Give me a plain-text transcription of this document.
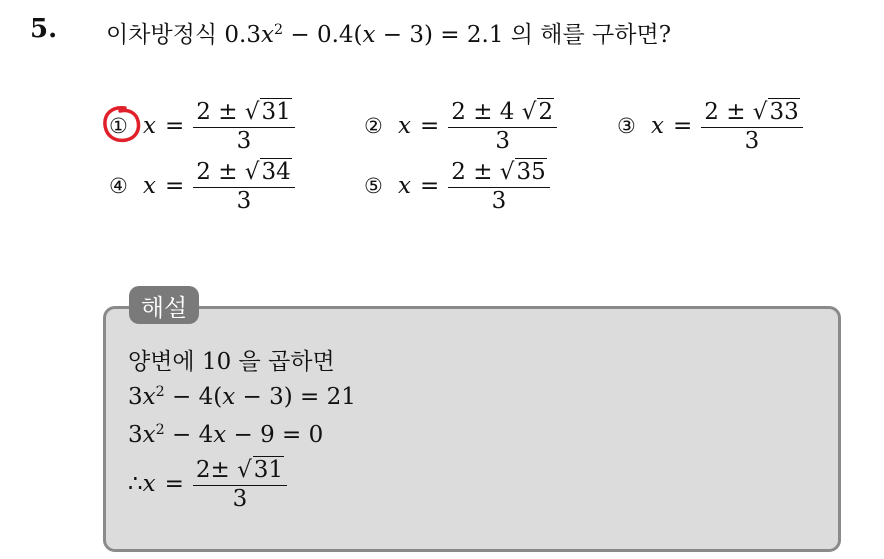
5. 이차방정식 $0.3x^2 - 0.4(x - 3) = 2.1$ 의 해를 구하면?
① $x = \frac{2 \pm √31}{3}$	② $x = \frac{2 \pm 4 √2}{3}$	③ $x = \frac{2 \pm √33}{3}$
④ $x = \frac{2 \pm √34}{3}$	⑤ $x = \frac{2 \pm √35}{3}$
해설
양변에 10 을 곱하면
$3x^2 - 4(x - 3) = 21$
$3x^2 - 4x - 9 = 0$
∴ $x = \frac{2\pm √31}{3}$
